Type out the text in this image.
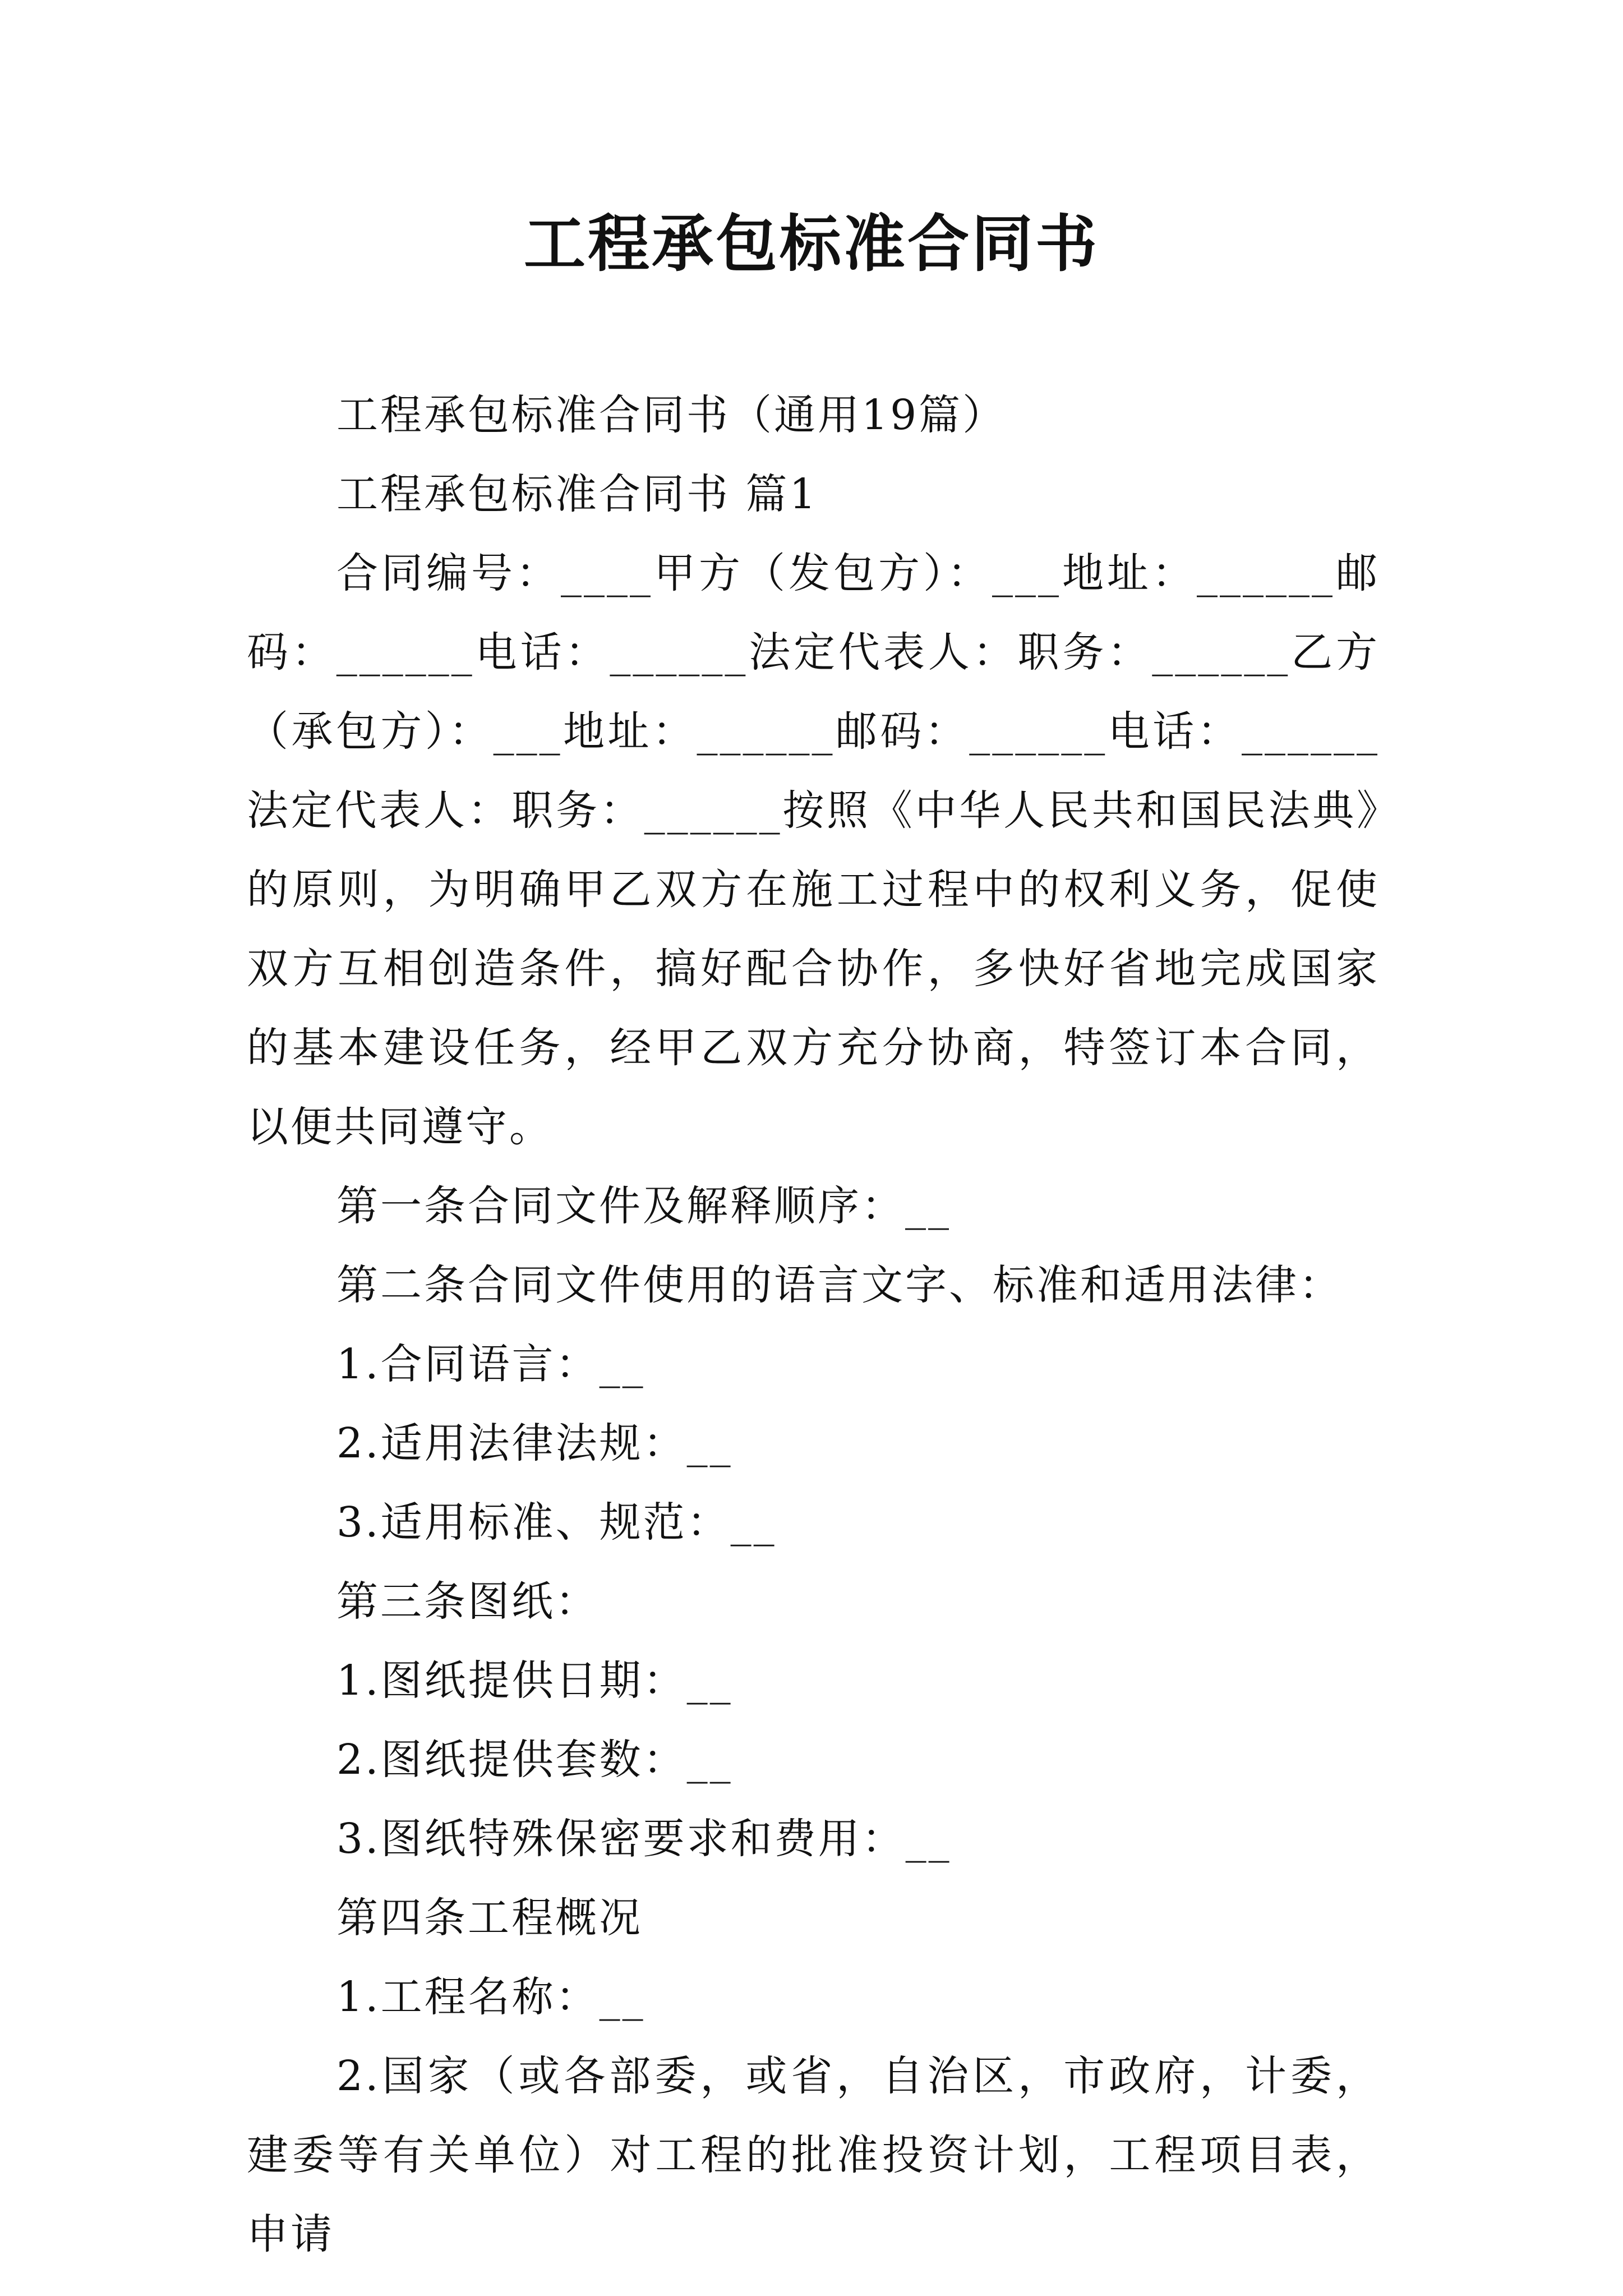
工程承包标准合同书

工程承包标准合同书（通用19篇）

工程承包标准合同书 篇1

合同编号：____甲方（发包方）：___地址：______邮码：______电话：______法定代表人：职务：______乙方（承包方）：___地址：______邮码：______电话：______法定代表人：职务：______按照《中华人民共和国民法典》的原则，为明确甲乙双方在施工过程中的权利义务，促使双方互相创造条件，搞好配合协作，多快好省地完成国家的基本建设任务，经甲乙双方充分协商，特签订本合同，以便共同遵守。

第一条合同文件及解释顺序：__

第二条合同文件使用的语言文字、标准和适用法律：

1.合同语言：__

2.适用法律法规：__

3.适用标准、规范：__

第三条图纸：

1.图纸提供日期：__

2.图纸提供套数：__

3.图纸特殊保密要求和费用：__

第四条工程概况

1.工程名称：__

2.国家（或各部委，或省，自治区，市政府，计委，建委等有关单位）对工程的批准投资计划，工程项目表，申请
